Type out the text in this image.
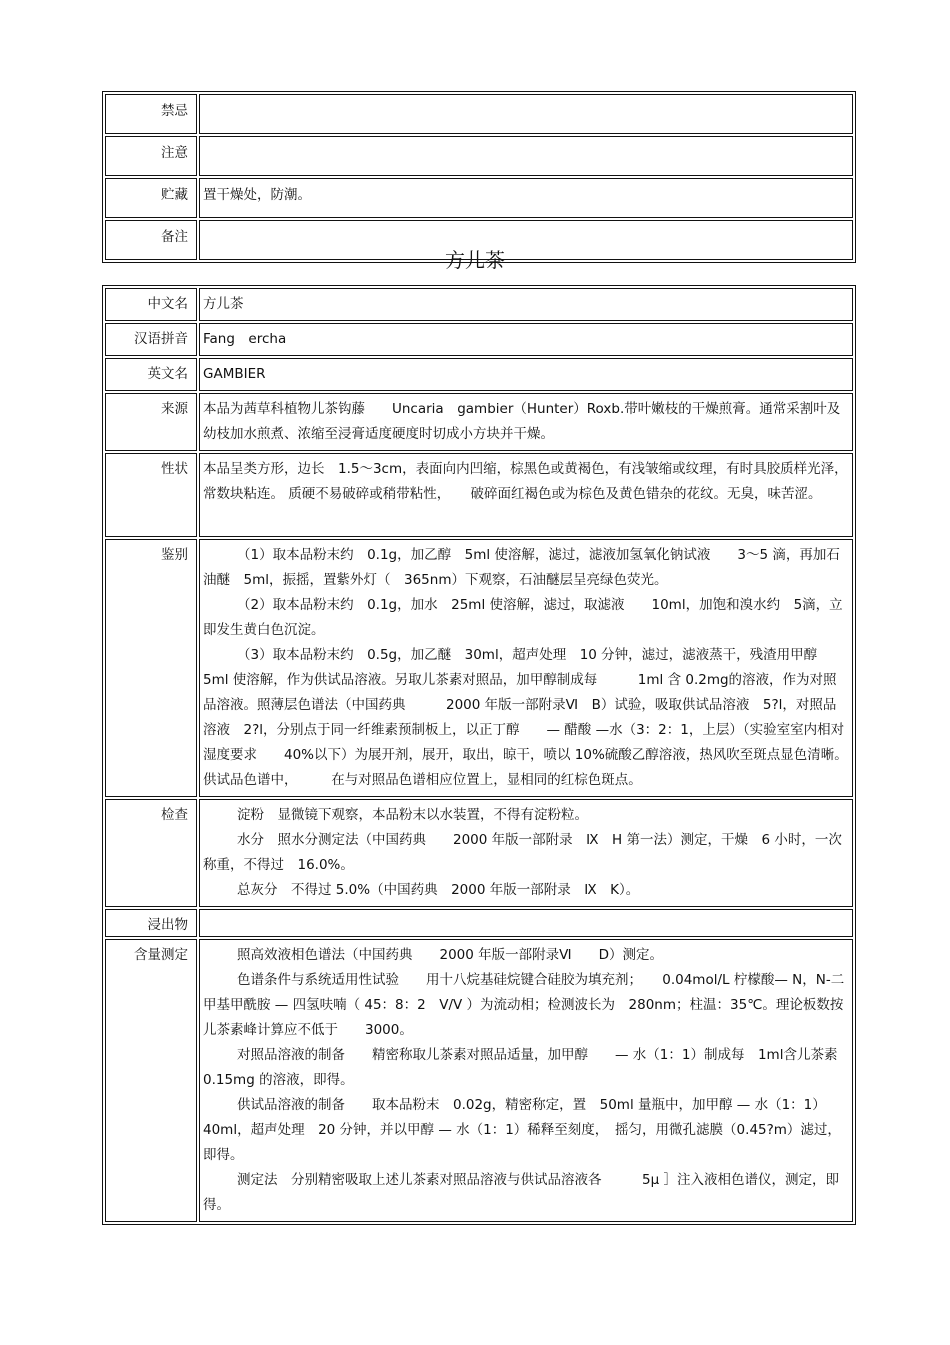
禁忌	
注意	
贮藏	置干燥处，防潮。
备注	
方儿茶
中文名	方儿茶
汉语拼音	Fang　ercha
英文名	GAMBIER
来源	本品为茜草科植物儿茶钩藤　　Uncaria　gambier（Hunter）Roxb.带叶嫩枝的干燥煎膏。通常采割叶及幼枝加水煎煮、浓缩至浸膏适度硬度时切成小方块并干燥。
性状	本品呈类方形，边长　1.5～3cm，表面向内凹缩，棕黑色或黄褐色，有浅皱缩或纹理，有时具胶质样光泽，　常数块粘连。 质硬不易破碎或稍带粘性，　　破碎面红褐色或为棕色及黄色错杂的花纹。无臭，味苦涩。
鉴别	（1）取本品粉末约　0.1g，加乙醇　5ml 使溶解，滤过，滤液加氢氧化钠试液　　3～5 滴，再加石油醚　5ml，振摇，置紫外灯（　365nm）下观察，石油醚层呈亮绿色荧光。

（2）取本品粉末约　0.1g，加水　25ml 使溶解，滤过，取滤液　　10ml，加饱和溴水约　5滴，立即发生黄白色沉淀。

（3）取本品粉末约　0.5g，加乙醚　30ml，超声处理　10 分钟，滤过，滤液蒸干，残渣用甲醇　5ml 使溶解，作为供试品溶液。另取儿茶素对照品，加甲醇制成每　　　1ml 含 0.2mg的溶液，作为对照品溶液。照薄层色谱法（中国药典　　　2000 年版一部附录Ⅵ　B）试验，吸取供试品溶液　5?l，对照品溶液　2?l，分别点于同一纤维素预制板上，以正丁醇　　— 醋酸 —水（3：2：1，上层）（实验室室内相对湿度要求　　40%以下）为展开剂，展开，取出，晾干，喷以 10%硫酸乙醇溶液，热风吹至斑点显色清晰。供试品色谱中，　　　在与对照品色谱相应位置上，显相同的红棕色斑点。

检查	淀粉　显微镜下观察，本品粉末以水装置，不得有淀粉粒。

水分　照水分测定法（中国药典　　2000 年版一部附录　Ⅸ　H 第一法）测定，干燥　6 小时，一次称重，不得过　16.0%。

总灰分　不得过 5.0%（中国药典　2000 年版一部附录　Ⅸ　K）。

浸出物	
含量测定	照高效液相色谱法（中国药典　　2000 年版一部附录Ⅵ　　D）测定。

色谱条件与系统适用性试验　　用十八烷基硅烷键合硅胶为填充剂；　　0.04mol/L 柠檬酸— N，N-二甲基甲酰胺 — 四氢呋喃（ 45：8：2　V/V ）为流动相；检测波长为　280nm；柱温：35℃。理论板数按儿茶素峰计算应不低于　　3000。

对照品溶液的制备　　精密称取儿茶素对照品适量，加甲醇　　— 水（1：1）制成每　1ml含儿茶素　0.15mg 的溶液，即得。

供试品溶液的制备　　取本品粉末　0.02g，精密称定，置　50ml 量瓶中，加甲醇 — 水（1：1）40ml，超声处理　20 分钟，并以甲醇 — 水（1：1）稀释至刻度，　摇匀，用微孔滤膜（0.45?m）滤过，即得。

测定法　分别精密吸取上述儿茶素对照品溶液与供试品溶液各　　　5μ ］注入液相色谱仪，测定，即得。
